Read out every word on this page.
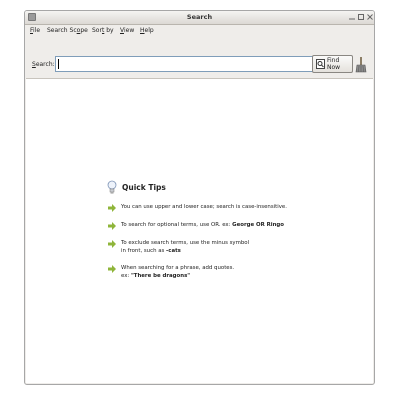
Search
File Search Scope Sort by View Help
Search:
Find Now
Quick Tips
You can use upper and lower case; search is case-insensitive.
To search for optional terms, use OR. ex: George OR Ringo
To exclude search terms, use the minus symbol
in front, such as -cats
When searching for a phrase, add quotes.
ex: "There be dragons"
